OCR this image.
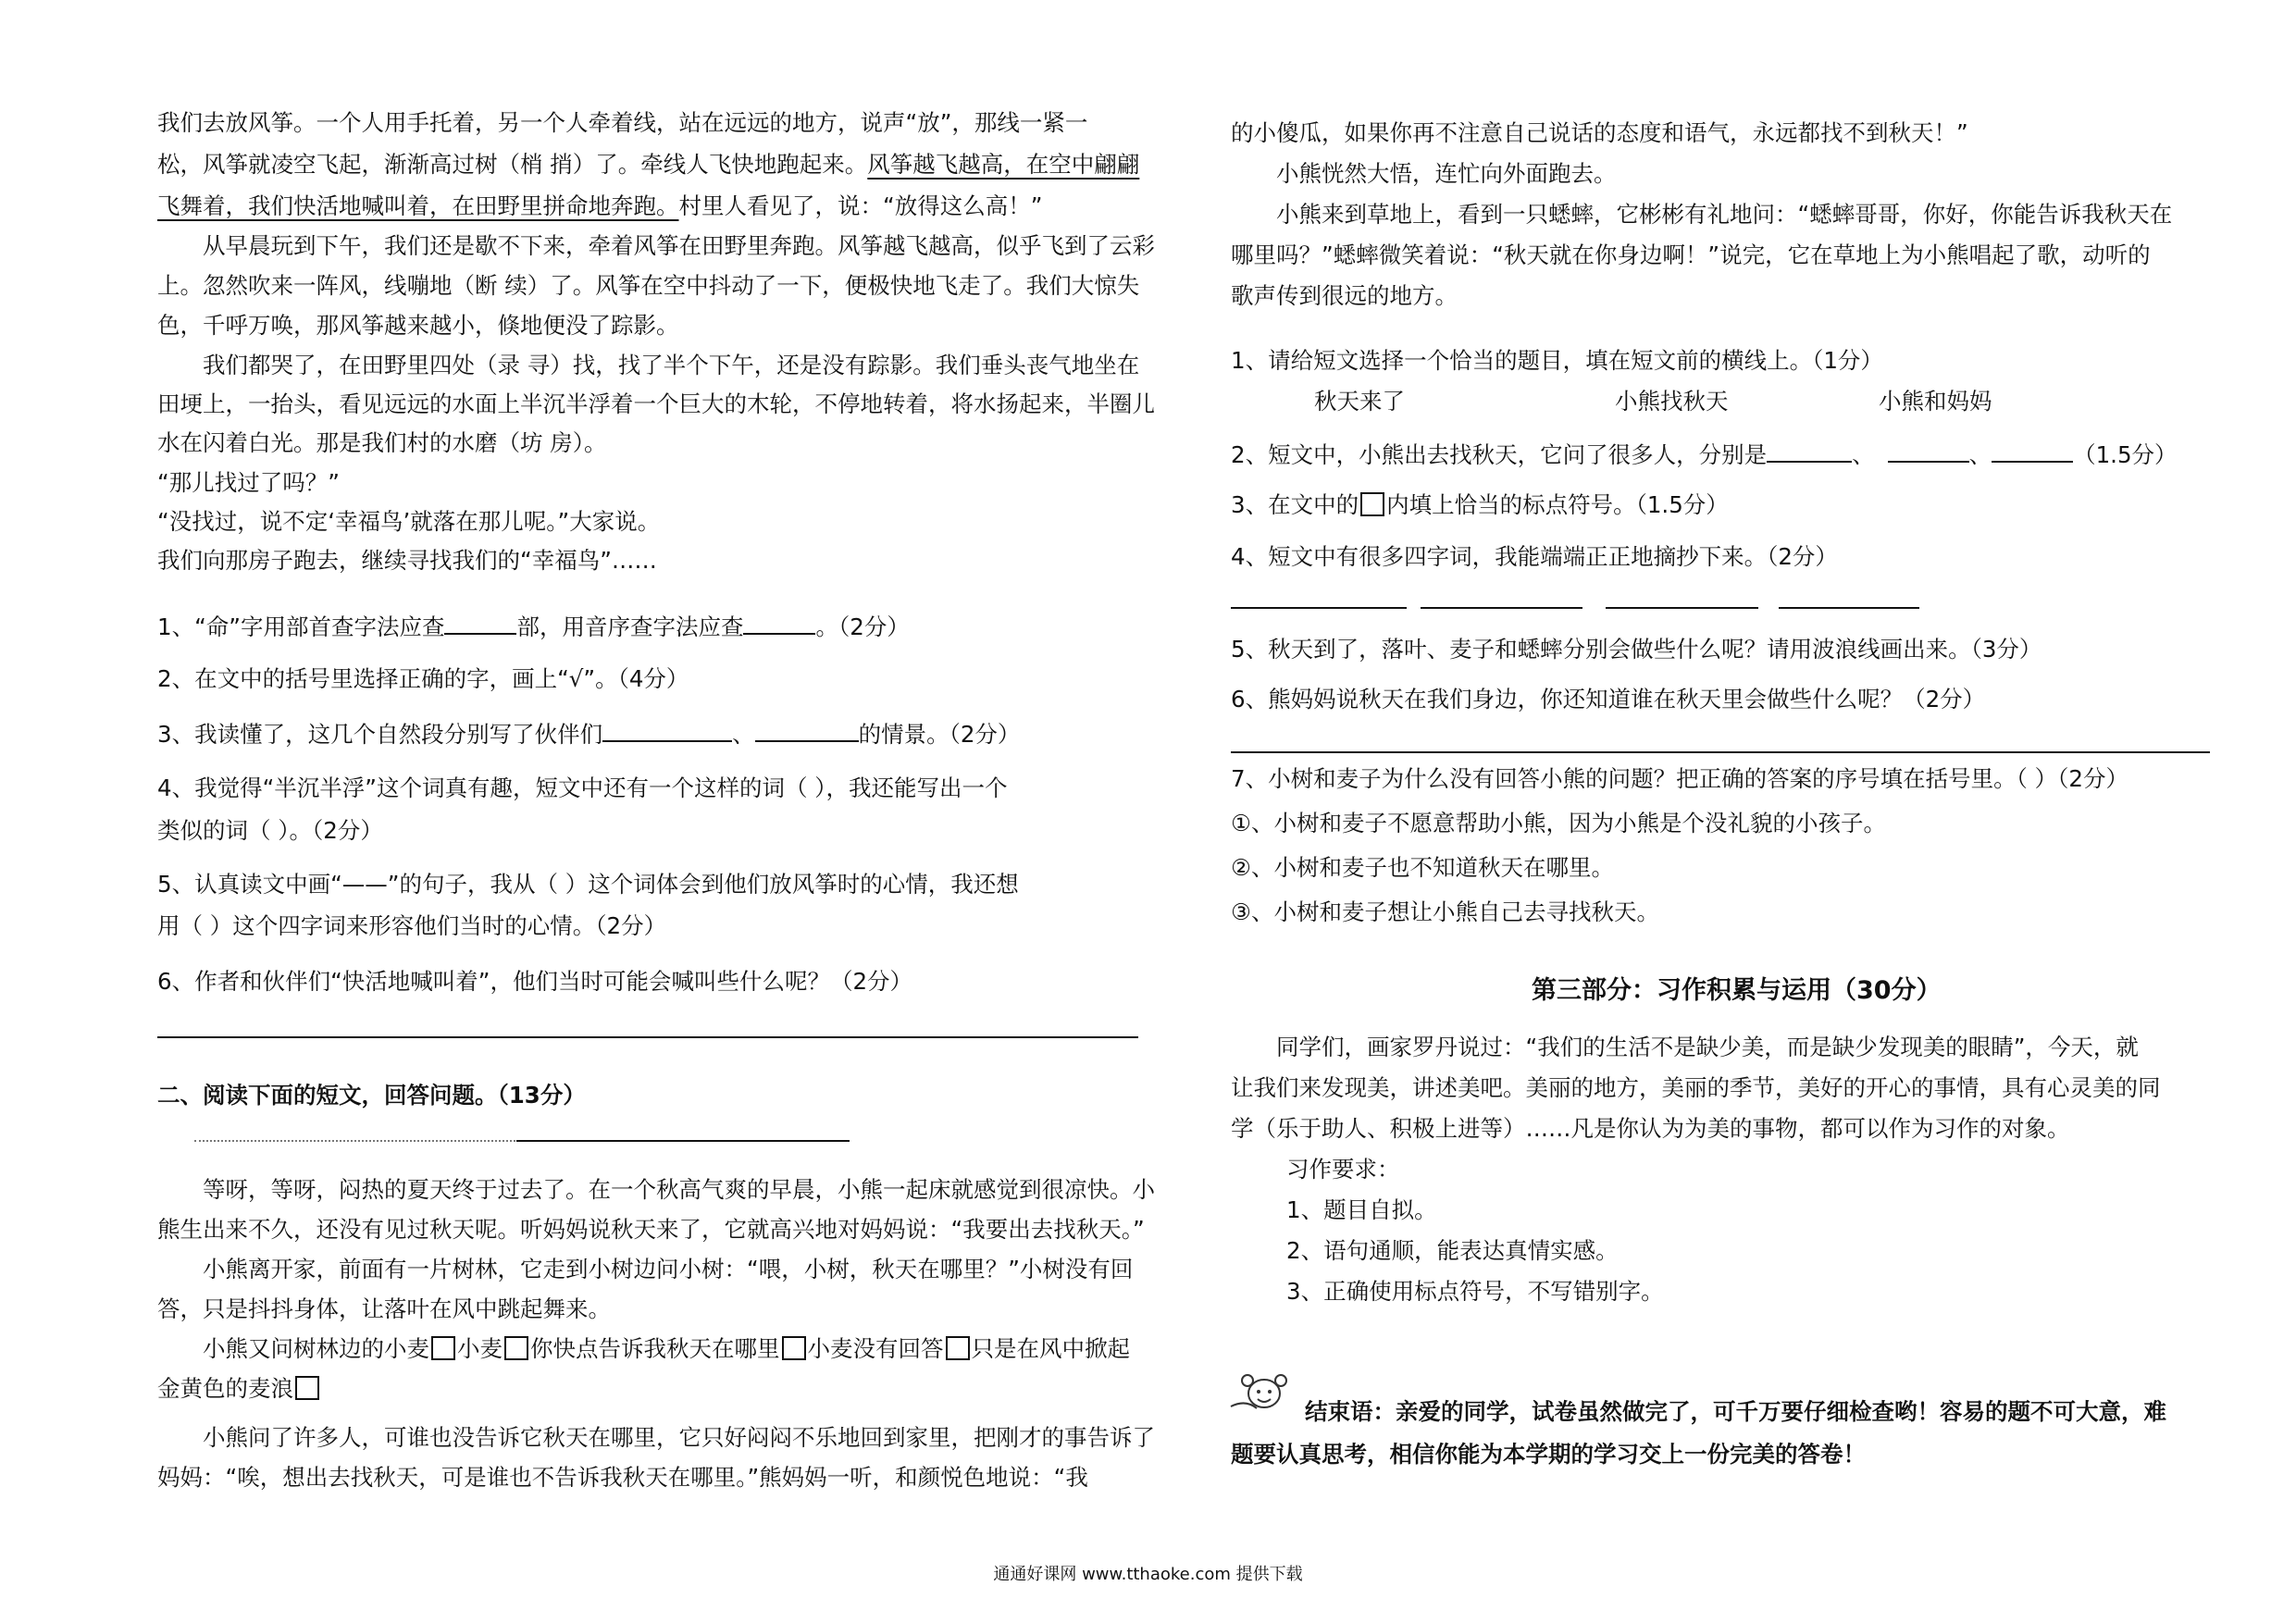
我们去放风筝。一个人用手托着，另一个人牵着线，站在远远的地方，说声“放”，那线一紧一
松，风筝就凌空飞起，渐渐高过树（梢 捎）了。牵线人飞快地跑起来。风筝越飞越高，在空中翩翩
飞舞着，我们快活地喊叫着，在田野里拼命地奔跑。村里人看见了，说：“放得这么高！”
　　从早晨玩到下午，我们还是歇不下来，牵着风筝在田野里奔跑。风筝越飞越高，似乎飞到了云彩
上。忽然吹来一阵风，线嘣地（断 续）了。风筝在空中抖动了一下，便极快地飞走了。我们大惊失
色，千呼万唤，那风筝越来越小，倏地便没了踪影。
　　我们都哭了，在田野里四处（录 寻）找，找了半个下午，还是没有踪影。我们垂头丧气地坐在
田埂上，一抬头，看见远远的水面上半沉半浮着一个巨大的木轮，不停地转着，将水扬起来，半圈儿
水在闪着白光。那是我们村的水磨（坊 房）。
“那儿找过了吗？”
“没找过，说不定‘幸福鸟’就落在那儿呢。”大家说。
我们向那房子跑去，继续寻找我们的“幸福鸟”……
1、“命”字用部首查字法应查	部，用音序查字法应查	。（2分）
2、在文中的括号里选择正确的字，画上“√”。（4分）
3、我读懂了，这几个自然段分别写了伙伴们	、	的情景。（2分）
4、我觉得“半沉半浮”这个词真有趣，短文中还有一个这样的词（ ），我还能写出一个
类似的词（ ）。（2分）
5、认真读文中画“——”的句子，我从（ ）这个词体会到他们放风筝时的心情，我还想
用（ ）这个四字词来形容他们当时的心情。（2分）
6、作者和伙伴们“快活地喊叫着”，他们当时可能会喊叫些什么呢？（2分）
二、阅读下面的短文，回答问题。（13分）
　　等呀，等呀，闷热的夏天终于过去了。在一个秋高气爽的早晨，小熊一起床就感觉到很凉快。小
熊生出来不久，还没有见过秋天呢。听妈妈说秋天来了，它就高兴地对妈妈说：“我要出去找秋天。”
　　小熊离开家，前面有一片树林，它走到小树边问小树：“喂，小树，秋天在哪里？”小树没有回
答，只是抖抖身体，让落叶在风中跳起舞来。
　　小熊又问树林边的小麦 小麦 你快点告诉我秋天在哪里 小麦没有回答 只是在风中掀起
金黄色的麦浪
　　小熊问了许多人，可谁也没告诉它秋天在哪里，它只好闷闷不乐地回到家里，把刚才的事告诉了
妈妈：“唉，想出去找秋天，可是谁也不告诉我秋天在哪里。”熊妈妈一听，和颜悦色地说：“我
的小傻瓜，如果你再不注意自己说话的态度和语气，永远都找不到秋天！”
　　小熊恍然大悟，连忙向外面跑去。
　　小熊来到草地上，看到一只蟋蟀，它彬彬有礼地问：“蟋蟀哥哥，你好，你能告诉我秋天在
哪里吗？”蟋蟀微笑着说：“秋天就在你身边啊！”说完，它在草地上为小熊唱起了歌，动听的
歌声传到很远的地方。
1、请给短文选择一个恰当的题目，填在短文前的横线上。（1分）
秋天来了	小熊找秋天	小熊和妈妈
2、短文中，小熊出去找秋天，它问了很多人，分别是	、	、	（1.5分）
3、在文中的 内填上恰当的标点符号。（1.5分）
4、短文中有很多四字词，我能端端正正地摘抄下来。（2分）
5、秋天到了，落叶、麦子和蟋蟀分别会做些什么呢？请用波浪线画出来。（3分）
6、熊妈妈说秋天在我们身边，你还知道谁在秋天里会做些什么呢？（2分）
7、小树和麦子为什么没有回答小熊的问题？把正确的答案的序号填在括号里。（ ）（2分）
①、小树和麦子不愿意帮助小熊，因为小熊是个没礼貌的小孩子。
②、小树和麦子也不知道秋天在哪里。
③、小树和麦子想让小熊自己去寻找秋天。
第三部分：习作积累与运用（30分）
　　同学们，画家罗丹说过：“我们的生活不是缺少美，而是缺少发现美的眼睛”，今天，就
让我们来发现美，讲述美吧。美丽的地方，美丽的季节，美好的开心的事情，具有心灵美的同
学（乐于助人、积极上进等）……凡是你认为为美的事物，都可以作为习作的对象。
习作要求：
1、题目自拟。
2、语句通顺，能表达真情实感。
3、正确使用标点符号，不写错别字。
结束语：亲爱的同学，试卷虽然做完了，可千万要仔细检查哟！容易的题不可大意，难
题要认真思考，相信你能为本学期的学习交上一份完美的答卷！
通通好课网 www.tthaoke.com 提供下载
